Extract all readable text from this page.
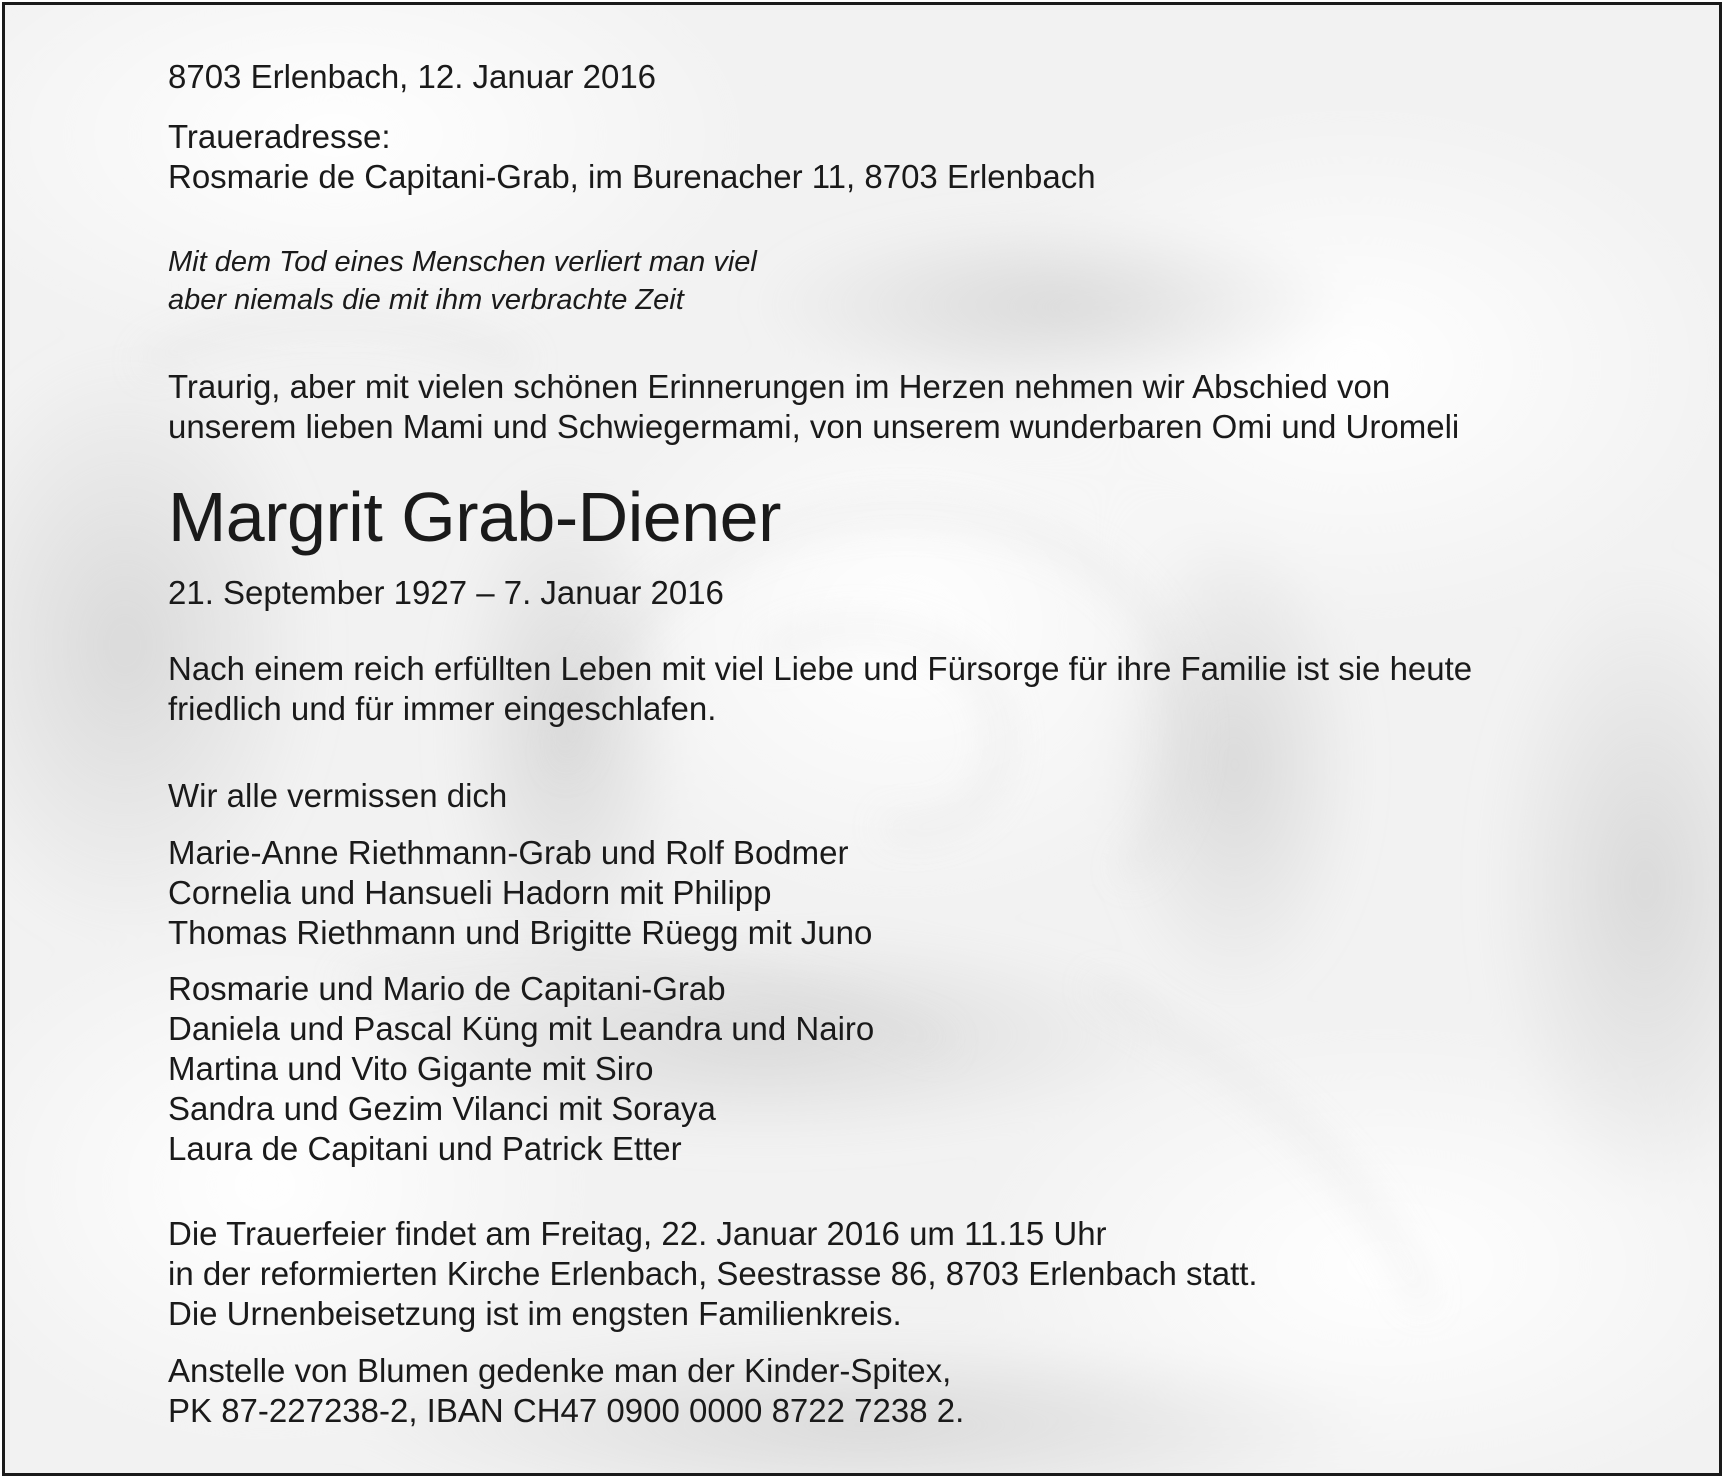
8703 Erlenbach, 12. Januar 2016

Traueradresse:

Rosmarie de Capitani-Grab, im Burenacher 11, 8703 Erlenbach

Mit dem Tod eines Menschen verliert man viel

aber niemals die mit ihm verbrachte Zeit

Traurig, aber mit vielen schönen Erinnerungen im Herzen nehmen wir Abschied von

unserem lieben Mami und Schwiegermami, von unserem wunderbaren Omi und Uromeli

Margrit Grab-Diener

21. September 1927 – 7. Januar 2016

Nach einem reich erfüllten Leben mit viel Liebe und Fürsorge für ihre Familie ist sie heute

friedlich und für immer eingeschlafen.

Wir alle vermissen dich

Marie-Anne Riethmann-Grab und Rolf Bodmer

Cornelia und Hansueli Hadorn mit Philipp

Thomas Riethmann und Brigitte Rüegg mit Juno

Rosmarie und Mario de Capitani-Grab

Daniela und Pascal Küng mit Leandra und Nairo

Martina und Vito Gigante mit Siro

Sandra und Gezim Vilanci mit Soraya

Laura de Capitani und Patrick Etter

Die Trauerfeier findet am Freitag, 22. Januar 2016 um 11.15 Uhr

in der reformierten Kirche Erlenbach, Seestrasse 86, 8703 Erlenbach statt.

Die Urnenbeisetzung ist im engsten Familienkreis.

Anstelle von Blumen gedenke man der Kinder-Spitex,

PK 87-227238-2, IBAN CH47 0900 0000 8722 7238 2.
